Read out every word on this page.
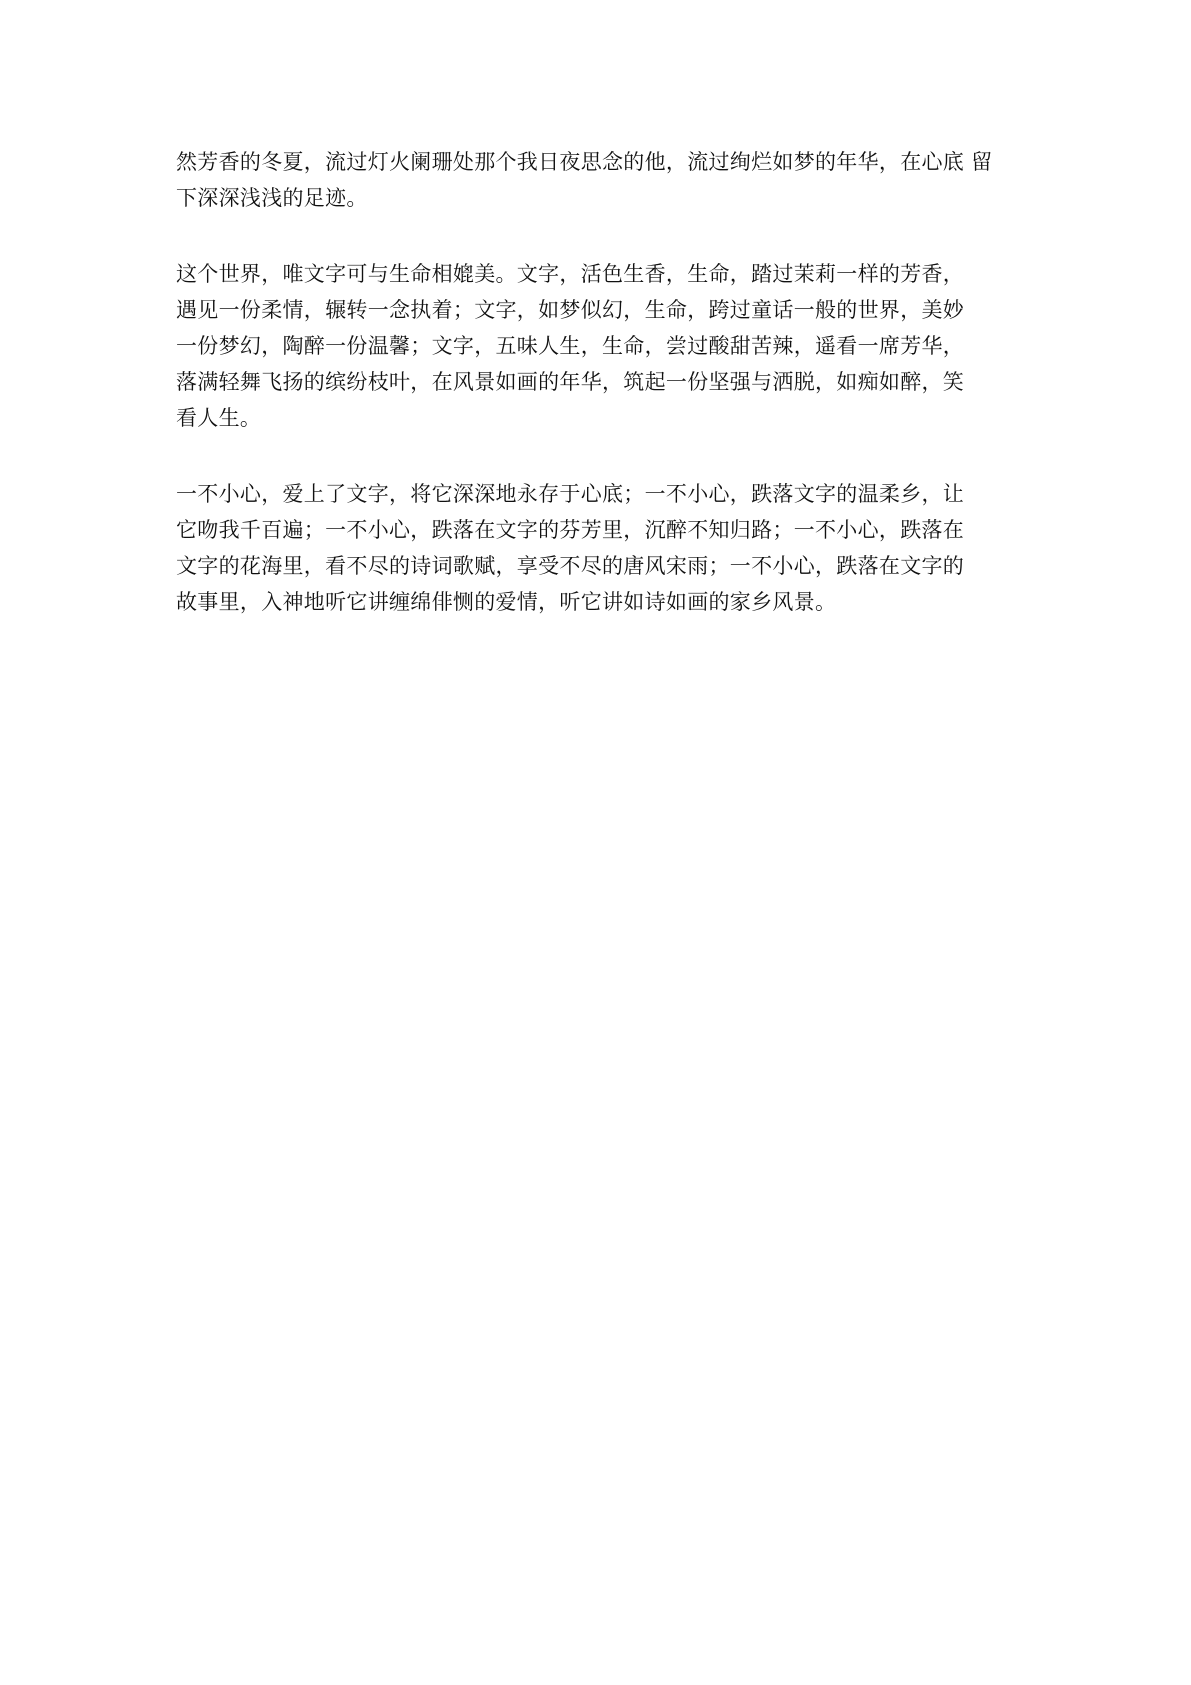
然芳香的冬夏，流过灯火阑珊处那个我日夜思念的他，流过绚烂如梦的年华，在心底 留
下深深浅浅的足迹。

这个世界，唯文字可与生命相媲美。文字，活色生香，生命，踏过茉莉一样的芳香，
遇见一份柔情，辗转一念执着；文字，如梦似幻，生命，跨过童话一般的世界，美妙
一份梦幻，陶醉一份温馨；文字，五味人生，生命，尝过酸甜苦辣，遥看一席芳华，
落满轻舞飞扬的缤纷枝叶，在风景如画的年华，筑起一份坚强与洒脱，如痴如醉，笑
看人生。

一不小心，爱上了文字，将它深深地永存于心底；一不小心，跌落文字的温柔乡，让
它吻我千百遍；一不小心，跌落在文字的芬芳里，沉醉不知归路；一不小心，跌落在
文字的花海里，看不尽的诗词歌赋，享受不尽的唐风宋雨；一不小心，跌落在文字的
故事里，入神地听它讲缠绵俳恻的爱情，听它讲如诗如画的家乡风景。
